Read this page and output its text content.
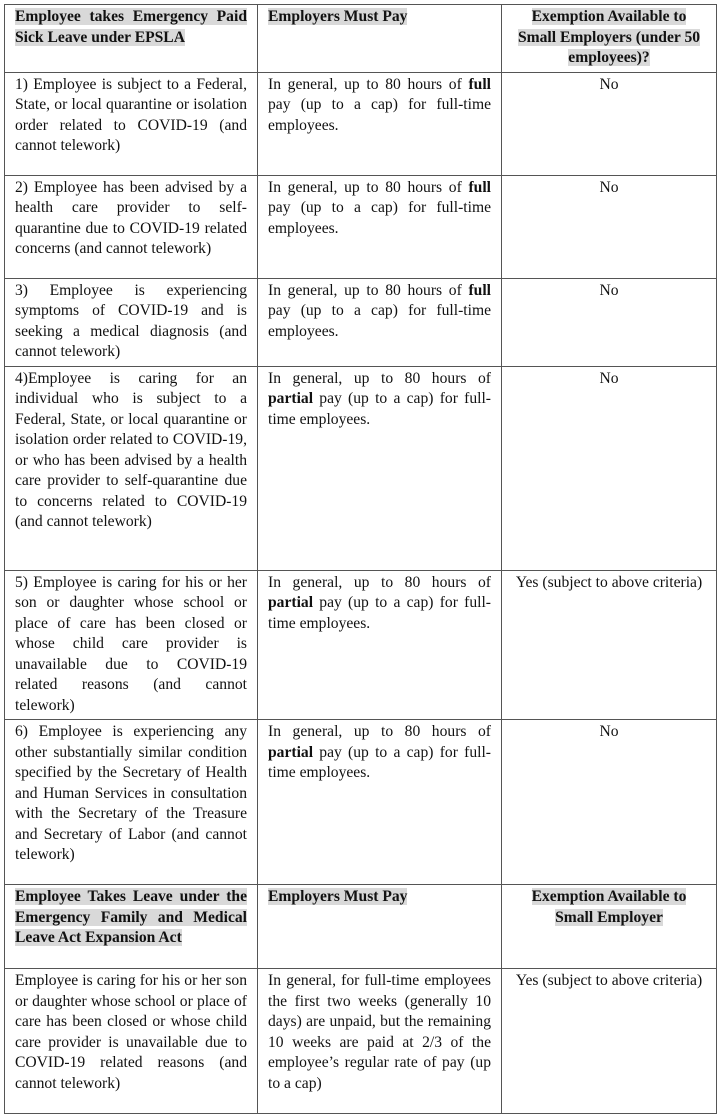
Employee takes Emergency Paid Sick Leave under EPSLA	Employers Must Pay	Exemption Available to Small Employers (under 50 employees)?
1) Employee is subject to a Federal, State, or local quarantine or isolation order related to COVID-19 (and cannot telework)	In general, up to 80 hours of full pay (up to a cap) for full-time employees.	No
2) Employee has been advised by a health care provider to self-quarantine due to COVID-19 related concerns (and cannot telework)	In general, up to 80 hours of full pay (up to a cap) for full-time employees.	No
3) Employee is experiencing symptoms of COVID-19 and is seeking a medical diagnosis (and cannot telework)	In general, up to 80 hours of full pay (up to a cap) for full-time employees.	No
4)Employee is caring for an individual who is subject to a Federal, State, or local quarantine or isolation order related to COVID-19, or who has been advised by a health care provider to self-quarantine due to concerns related to COVID-19 (and cannot telework)	In general, up to 80 hours of partial pay (up to a cap) for full-time employees.	No
5) Employee is caring for his or her son or daughter whose school or place of care has been closed or whose child care provider is unavailable due to COVID-19 related reasons (and cannot telework)	In general, up to 80 hours of partial pay (up to a cap) for full-time employees.	Yes (subject to above criteria)
6) Employee is experiencing any other substantially similar condition specified by the Secretary of Health and Human Services in consultation with the Secretary of the Treasure and Secretary of Labor (and cannot telework)	In general, up to 80 hours of partial pay (up to a cap) for full-time employees.	No
Employee Takes Leave under the Emergency Family and Medical Leave Act Expansion Act	Employers Must Pay	Exemption Available to Small Employer
Employee is caring for his or her son or daughter whose school or place of care has been closed or whose child care provider is unavailable due to COVID-19 related reasons (and cannot telework)	In general, for full-time employees the first two weeks (generally 10 days) are unpaid, but the remaining 10 weeks are paid at 2/3 of the employee’s regular rate of pay (up to a cap)	Yes (subject to above criteria)
